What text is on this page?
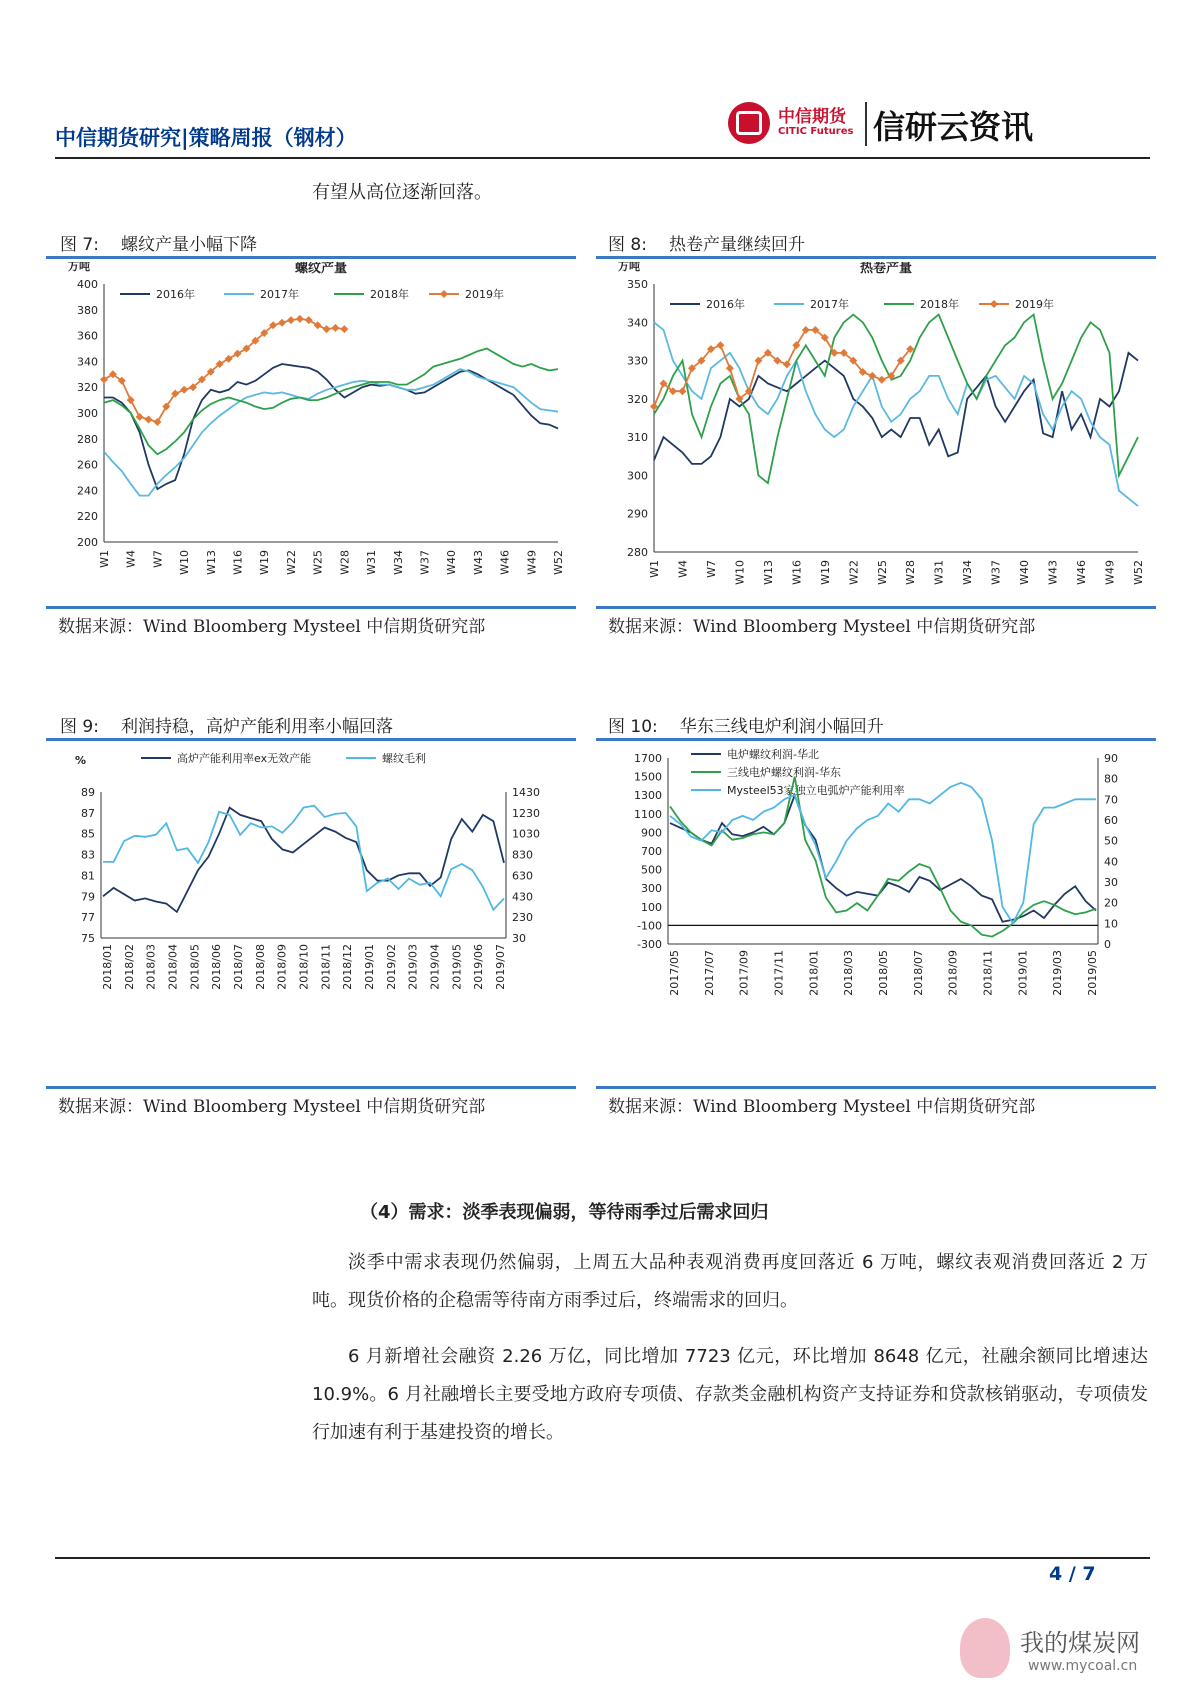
中信期货研究|策略周报（钢材）
中信期货
CITIC Futures 信研云资讯
有望从高位逐渐回落。
图 7: 螺纹产量小幅下降
200
220
240
260
280
300
320
340
360
380
400
W1 W4 W7 W10 W13 W16 W19 W22 W25 W28 W31 W34 W37 W40 W43 W46 W49 W52
万吨	螺纹产量
2016年	2017年	2018年	2019年
数据来源：Wind Bloomberg Mysteel 中信期货研究部
图 8: 热卷产量继续回升
280
290
300
310
320
330
340
350
W1 W4 W7 W10 W13 W16 W19 W22 W25 W28 W31 W34 W37 W40 W43 W46 W49 W52
万吨	热卷产量
2016年	2017年	2018年	2019年
数据来源：Wind Bloomberg Mysteel 中信期货研究部
图 9: 利润持稳，高炉产能利用率小幅回落
75
77
79
81
83
85
87
89
30
230
430
630
830
1030
1230
1430
2018/01 2018/02 2018/03 2018/04 2018/05 2018/06 2018/07 2018/08 2018/09 2018/10 2018/11 2018/12 2019/01 2019/02 2019/03 2019/04 2019/05 2019/06 2019/07
%	高炉产能利用率ex无效产能	螺纹毛利
数据来源：Wind Bloomberg Mysteel 中信期货研究部
图 10: 华东三线电炉利润小幅回升
-300
-100
100
300
500
700
900
1100
1300
1500
1700
0
10
20
30
40
50
60
70
80
90
2017/05 2017/07 2017/09 2017/11 2018/01 2018/03 2018/05 2018/07 2018/09 2018/11 2019/01 2019/03 2019/05
电炉螺纹利润-华北
三线电炉螺纹利润-华东
Mysteel53家独立电弧炉产能利用率
数据来源：Wind Bloomberg Mysteel 中信期货研究部
（4）需求：淡季表现偏弱，等待雨季过后需求回归
淡季中需求表现仍然偏弱，上周五大品种表观消费再度回落近 6 万吨，螺纹表观消费回落近 2 万吨。现货价格的企稳需等待南方雨季过后，终端需求的回归。
6 月新增社会融资 2.26 万亿，同比增加 7723 亿元，环比增加 8648 亿元，社融余额同比增速达 10.9%。6 月社融增长主要受地方政府专项债、存款类金融机构资产支持证券和贷款核销驱动，专项债发行加速有利于基建投资的增长。
4 / 7
我的煤炭网
www.mycoal.cn
